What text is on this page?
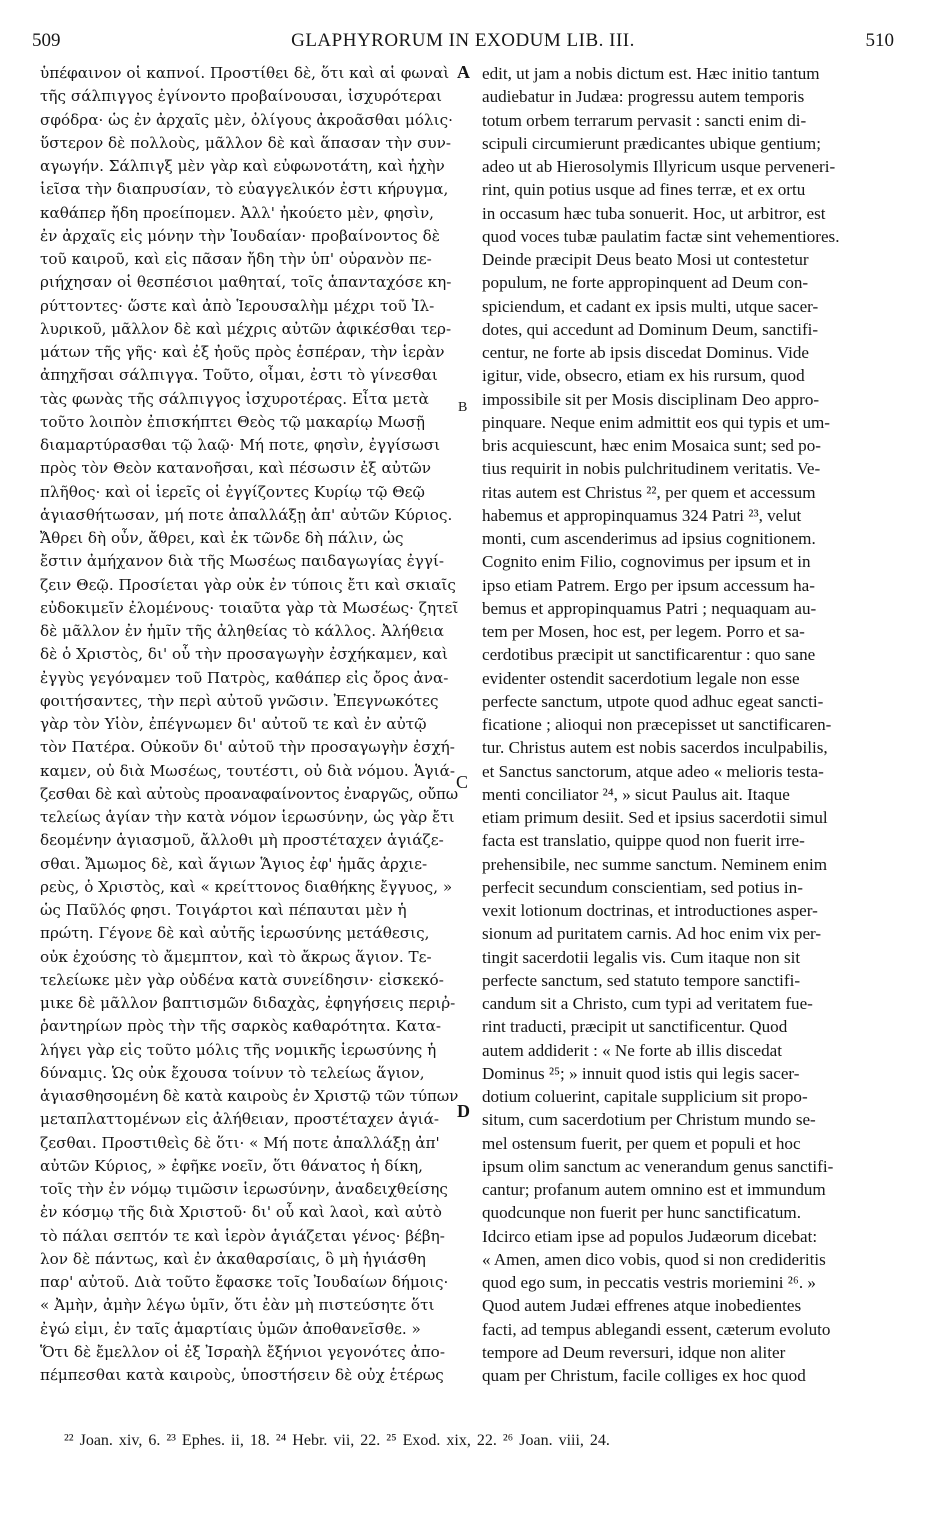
509	GLAPHYRORUM IN EXODUM LIB. III.	510
ὑπέφαινον οἱ καπνοί. Προστίθει δὲ, ὅτι καὶ αἱ φωναὶ
τῆς σάλπιγγος ἐγίνοντο προβαίνουσαι, ἰσχυρότεραι
σφόδρα· ὡς ἐν ἀρχαῖς μὲν, ὀλίγους ἀκροᾶσθαι μόλις·
ὕστερον δὲ πολλοὺς, μᾶλλον δὲ καὶ ἅπασαν τὴν συν-
αγωγήν. Σάλπιγξ μὲν γὰρ καὶ εὐφωνοτάτη, καὶ ἠχὴν
ἱεῖσα τὴν διαπρυσίαν, τὸ εὐαγγελικόν ἐστι κήρυγμα,
καθάπερ ἤδη προείπομεν. Ἀλλ' ἠκούετο μὲν, φησὶν,
ἐν ἀρχαῖς εἰς μόνην τὴν Ἰουδαίαν· προβαίνοντος δὲ
τοῦ καιροῦ, καὶ εἰς πᾶσαν ἤδη τὴν ὑπ' οὐρανὸν πε-
ριήχησαν οἱ θεσπέσιοι μαθηταί, τοῖς ἁπανταχόσε κη-
ρύττοντες· ὥστε καὶ ἀπὸ Ἱερουσαλὴμ μέχρι τοῦ Ἰλ-
λυρικοῦ, μᾶλλον δὲ καὶ μέχρις αὐτῶν ἀφικέσθαι τερ-
μάτων τῆς γῆς· καὶ ἐξ ἠοῦς πρὸς ἑσπέραν, τὴν ἱερὰν
ἀπηχῆσαι σάλπιγγα. Τοῦτο, οἶμαι, ἐστι τὸ γίνεσθαι
τὰς φωνὰς τῆς σάλπιγγος ἰσχυροτέρας. Εἶτα μετὰ
τοῦτο λοιπὸν ἐπισκήπτει Θεὸς τῷ μακαρίῳ Μωσῇ
διαμαρτύρασθαι τῷ λαῷ· Μή ποτε, φησὶν, ἐγγίσωσι
πρὸς τὸν Θεὸν κατανοῆσαι, καὶ πέσωσιν ἐξ αὐτῶν
πλῆθος· καὶ οἱ ἱερεῖς οἱ ἐγγίζοντες Κυρίῳ τῷ Θεῷ
ἁγιασθήτωσαν, μή ποτε ἀπαλλάξῃ ἀπ' αὐτῶν Κύριος.
Ἄθρει δὴ οὖν, ἄθρει, καὶ ἐκ τῶνδε δὴ πάλιν, ὡς
ἔστιν ἀμήχανον διὰ τῆς Μωσέως παιδαγωγίας ἐγγί-
ζειν Θεῷ. Προσίεται γὰρ οὐκ ἐν τύποις ἔτι καὶ σκιαῖς
εὐδοκιμεῖν ἐλομένους· τοιαῦτα γὰρ τὰ Μωσέως· ζητεῖ
δὲ μᾶλλον ἐν ἡμῖν τῆς ἀληθείας τὸ κάλλος. Ἀλήθεια
δὲ ὁ Χριστὸς, δι' οὗ τὴν προσαγωγὴν ἐσχήκαμεν, καὶ
ἐγγὺς γεγόναμεν τοῦ Πατρὸς, καθάπερ εἰς ὄρος ἀνα-
φοιτήσαντες, τὴν περὶ αὐτοῦ γνῶσιν. Ἐπεγνωκότες
γὰρ τὸν Υἱὸν, ἐπέγνωμεν δι' αὐτοῦ τε καὶ ἐν αὐτῷ
τὸν Πατέρα. Οὐκοῦν δι' αὐτοῦ τὴν προσαγωγὴν ἐσχή-
καμεν, οὐ διὰ Μωσέως, τουτέστι, οὐ διὰ νόμου. Ἁγιά-
ζεσθαι δὲ καὶ αὐτοὺς προαναφαίνοντος ἐναργῶς, οὔπω
τελείως ἁγίαν τὴν κατὰ νόμον ἱερωσύνην, ὡς γὰρ ἔτι
δεομένην ἁγιασμοῦ, ἄλλοθι μὴ προστέταχεν ἁγιάζε-
σθαι. Ἄμωμος δὲ, καὶ ἅγιων Ἅγιος ἐφ' ἡμᾶς ἀρχιε-
ρεὺς, ὁ Χριστὸς, καὶ « κρείττονος διαθήκης ἔγγυος, »
ὡς Παῦλός φησι. Τοιγάρτοι καὶ πέπαυται μὲν ἡ
πρώτη. Γέγονε δὲ καὶ αὐτῆς ἱερωσύνης μετάθεσις,
οὐκ ἐχούσης τὸ ἄμεμπτον, καὶ τὸ ἄκρως ἅγιον. Τε-
τελείωκε μὲν γὰρ οὐδένα κατὰ συνείδησιν· εἰσκεκό-
μικε δὲ μᾶλλον βαπτισμῶν διδαχὰς, ἐφηγήσεις περιῤ-
ῥαντηρίων πρὸς τὴν τῆς σαρκὸς καθαρότητα. Κατα-
λήγει γὰρ εἰς τοῦτο μόλις τῆς νομικῆς ἱερωσύνης ἡ
δύναμις. Ὡς οὐκ ἔχουσα τοίνυν τὸ τελείως ἅγιον,
ἁγιασθησομένη δὲ κατὰ καιροὺς ἐν Χριστῷ τῶν τύπων
μεταπλαττομένων εἰς ἀλήθειαν, προστέταχεν ἁγιά-
ζεσθαι. Προστιθεὶς δὲ ὅτι· « Μή ποτε ἀπαλλάξῃ ἀπ'
αὐτῶν Κύριος, » ἐφῆκε νοεῖν, ὅτι θάνατος ἡ δίκη,
τοῖς τὴν ἐν νόμῳ τιμῶσιν ἱερωσύνην, ἀναδειχθείσης
ἐν κόσμῳ τῆς διὰ Χριστοῦ· δι' οὗ καὶ λαοὶ, καὶ αὐτὸ
τὸ πάλαι σεπτόν τε καὶ ἱερὸν ἁγιάζεται γένος· βέβη-
λον δὲ πάντως, καὶ ἐν ἀκαθαρσίαις, ὃ μὴ ἡγιάσθη
παρ' αὐτοῦ. Διὰ τοῦτο ἔφασκε τοῖς Ἰουδαίων δήμοις·
« Ἀμὴν, ἀμὴν λέγω ὑμῖν, ὅτι ἐὰν μὴ πιστεύσητε ὅτι
ἐγώ εἰμι, ἐν ταῖς ἁμαρτίαις ὑμῶν ἀποθανεῖσθε. »
Ὅτι δὲ ἔμελλον οἱ ἐξ Ἰσραὴλ ἔξήνιοι γεγονότες ἀπο-
πέμπεσθαι κατὰ καιροὺς, ὑποστήσειν δὲ οὐχ ἑτέρως
edit, ut jam a nobis dictum est. Hæc initio tantum
audiebatur in Judæa: progressu autem temporis
totum orbem terrarum pervasit : sancti enim di-
scipuli circumierunt prædicantes ubique gentium;
adeo ut ab Hierosolymis Illyricum usque perveneri-
rint, quin potius usque ad fines terræ, et ex ortu
in occasum hæc tuba sonuerit. Hoc, ut arbitror, est
quod voces tubæ paulatim factæ sint vehementiores.
Deinde præcipit Deus beato Mosi ut contestetur
populum, ne forte appropinquent ad Deum con-
spiciendum, et cadant ex ipsis multi, utque sacer-
dotes, qui accedunt ad Dominum Deum, sanctifi-
centur, ne forte ab ipsis discedat Dominus. Vide
igitur, vide, obsecro, etiam ex his rursum, quod
impossibile sit per Mosis disciplinam Deo appro-
pinquare. Neque enim admittit eos qui typis et um-
bris acquiescunt, hæc enim Mosaica sunt; sed po-
tius requirit in nobis pulchritudinem veritatis. Ve-
ritas autem est Christus ²², per quem et accessum
habemus et appropinquamus 324 Patri ²³, velut
monti, cum ascenderimus ad ipsius cognitionem.
Cognito enim Filio, cognovimus per ipsum et in
ipso etiam Patrem. Ergo per ipsum accessum ha-
bemus et appropinquamus Patri ; nequaquam au-
tem per Mosen, hoc est, per legem. Porro et sa-
cerdotibus præcipit ut sanctificarentur : quo sane
evidenter ostendit sacerdotium legale non esse
perfecte sanctum, utpote quod adhuc egeat sancti-
ficatione ; alioqui non præcepisset ut sanctificaren-
tur. Christus autem est nobis sacerdos inculpabilis,
et Sanctus sanctorum, atque adeo « melioris testa-
menti conciliator ²⁴, » sicut Paulus ait. Itaque
etiam primum desiit. Sed et ipsius sacerdotii simul
facta est translatio, quippe quod non fuerit irre-
prehensibile, nec summe sanctum. Neminem enim
perfecit secundum conscientiam, sed potius in-
vexit lotionum doctrinas, et introductiones asper-
sionum ad puritatem carnis. Ad hoc enim vix per-
tingit sacerdotii legalis vis. Cum itaque non sit
perfecte sanctum, sed statuto tempore sanctifi-
candum sit a Christo, cum typi ad veritatem fue-
rint traducti, præcipit ut sanctificentur. Quod
autem addiderit : « Ne forte ab illis discedat
Dominus ²⁵; » innuit quod istis qui legis sacer-
dotium coluerint, capitale supplicium sit propo-
situm, cum sacerdotium per Christum mundo se-
mel ostensum fuerit, per quem et populi et hoc
ipsum olim sanctum ac venerandum genus sanctifi-
cantur; profanum autem omnino est et immundum
quodcunque non fuerit per hunc sanctificatum.
Idcirco etiam ipse ad populos Judæorum dicebat:
« Amen, amen dico vobis, quod si non credideritis
quod ego sum, in peccatis vestris moriemini ²⁶. »
Quod autem Judæi effrenes atque inobedientes
facti, ad tempus ablegandi essent, cæterum evoluto
tempore ad Deum reversuri, idque non aliter
quam per Christum, facile colliges ex hoc quod
A
B
C
D
²² Joan. xiv, 6. ²³ Ephes. ii, 18. ²⁴ Hebr. vii, 22. ²⁵ Exod. xix, 22. ²⁶ Joan. viii, 24.
